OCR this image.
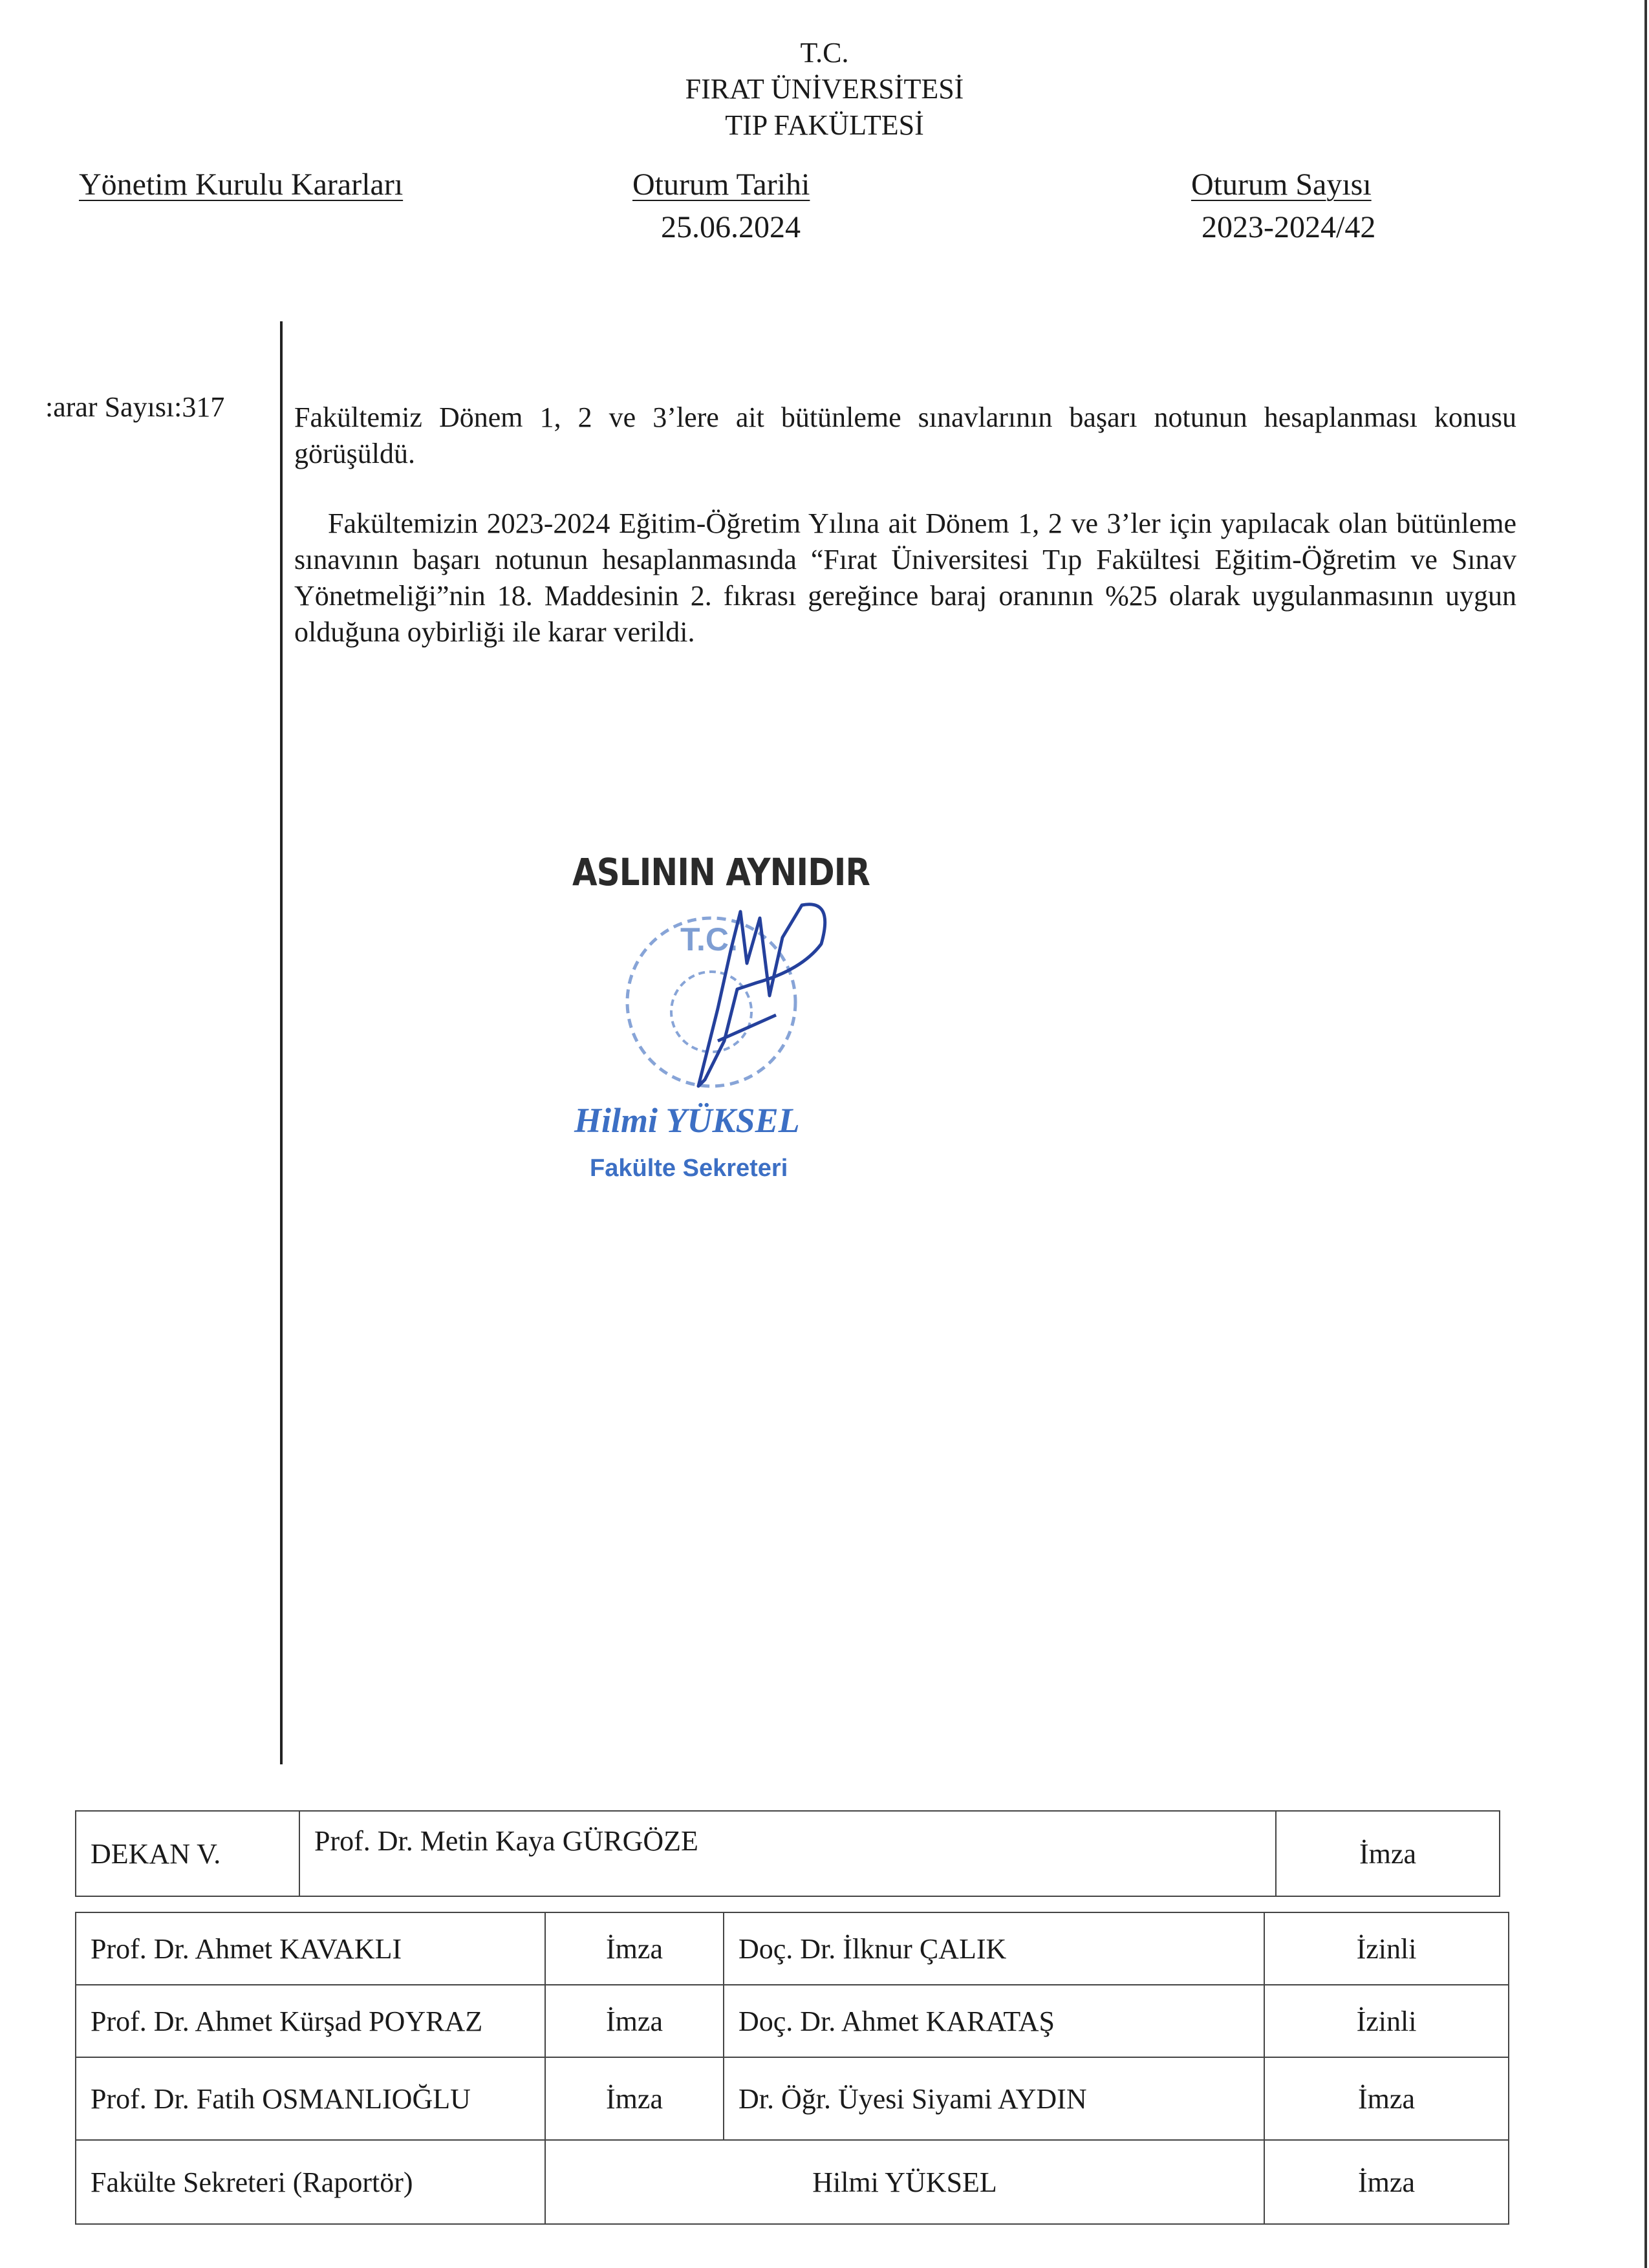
T.C.
FIRAT ÜNİVERSİTESİ
TIP FAKÜLTESİ
Yönetim Kurulu Kararları	Oturum Tarihi
25.06.2024
Oturum Sayısı
2023-2024/42
:arar Sayısı:317 Fakültemiz Dönem 1, 2 ve 3’lere ait bütünleme sınavlarının başarı notunun hesaplanması konusu görüşüldü.

Fakültemizin 2023-2024 Eğitim-Öğretim Yılına ait Dönem 1, 2 ve 3’ler için yapılacak olan bütünleme sınavının başarı notunun hesaplanmasında “Fırat Üniversitesi Tıp Fakültesi Eğitim-Öğretim ve Sınav Yönetmeliği”nin 18. Maddesinin 2. fıkrası gereğince baraj oranının %25 olarak uygulanmasının uygun olduğuna oybirliği ile karar verildi.

ASLININ AYNIDIR
T.C.
Hilmi YÜKSEL
Fakülte Sekreteri
DEKAN V.	Prof. Dr. Metin Kaya GÜRGÖZE	İmza
Prof. Dr. Ahmet KAVAKLI	İmza	Doç. Dr. İlknur ÇALIK	İzinli
Prof. Dr. Ahmet Kürşad POYRAZ	İmza	Doç. Dr. Ahmet KARATAŞ	İzinli
Prof. Dr. Fatih OSMANLIOĞLU	İmza	Dr. Öğr. Üyesi Siyami AYDIN	İmza
Fakülte Sekreteri (Raportör)	Hilmi YÜKSEL		İmza
